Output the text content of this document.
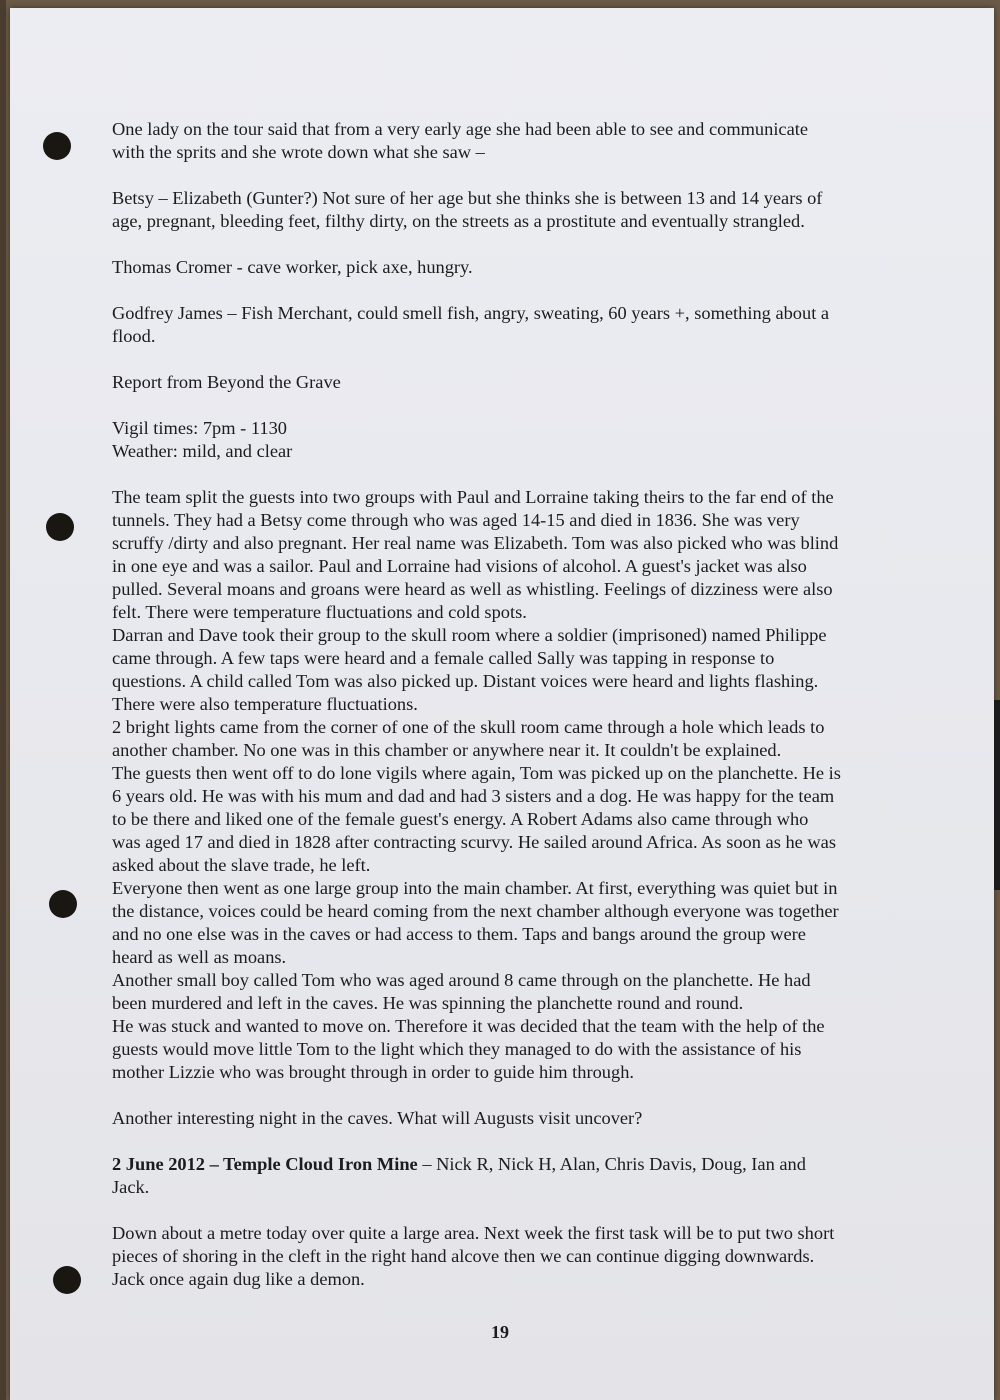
One lady on the tour said that from a very early age she had been able to see and communicate
with the sprits and she wrote down what she saw –
Betsy – Elizabeth (Gunter?) Not sure of her age but she thinks she is between 13 and 14 years of
age, pregnant, bleeding feet, filthy dirty, on the streets as a prostitute and eventually strangled.
Thomas Cromer - cave worker, pick axe, hungry.
Godfrey James – Fish Merchant, could smell fish, angry, sweating, 60 years +, something about a
flood.
Report from Beyond the Grave
Vigil times: 7pm - 1130
Weather: mild, and clear
The team split the guests into two groups with Paul and Lorraine taking theirs to the far end of the
tunnels. They had a Betsy come through who was aged 14-15 and died in 1836. She was very
scruffy /dirty and also pregnant. Her real name was Elizabeth. Tom was also picked who was blind
in one eye and was a sailor. Paul and Lorraine had visions of alcohol. A guest's jacket was also
pulled. Several moans and groans were heard as well as whistling. Feelings of dizziness were also
felt. There were temperature fluctuations and cold spots.
Darran and Dave took their group to the skull room where a soldier (imprisoned) named Philippe
came through. A few taps were heard and a female called Sally was tapping in response to
questions. A child called Tom was also picked up. Distant voices were heard and lights flashing.
There were also temperature fluctuations.
2 bright lights came from the corner of one of the skull room came through a hole which leads to
another chamber. No one was in this chamber or anywhere near it. It couldn't be explained.
The guests then went off to do lone vigils where again, Tom was picked up on the planchette. He is
6 years old. He was with his mum and dad and had 3 sisters and a dog. He was happy for the team
to be there and liked one of the female guest's energy. A Robert Adams also came through who
was aged 17 and died in 1828 after contracting scurvy. He sailed around Africa. As soon as he was
asked about the slave trade, he left.
Everyone then went as one large group into the main chamber. At first, everything was quiet but in
the distance, voices could be heard coming from the next chamber although everyone was together
and no one else was in the caves or had access to them. Taps and bangs around the group were
heard as well as moans.
Another small boy called Tom who was aged around 8 came through on the planchette. He had
been murdered and left in the caves. He was spinning the planchette round and round.
He was stuck and wanted to move on. Therefore it was decided that the team with the help of the
guests would move little Tom to the light which they managed to do with the assistance of his
mother Lizzie who was brought through in order to guide him through.
Another interesting night in the caves. What will Augusts visit uncover?
2 June 2012 – Temple Cloud Iron Mine – Nick R, Nick H, Alan, Chris Davis, Doug, Ian and
Jack.
Down about a metre today over quite a large area. Next week the first task will be to put two short
pieces of shoring in the cleft in the right hand alcove then we can continue digging downwards.
Jack once again dug like a demon.
19
